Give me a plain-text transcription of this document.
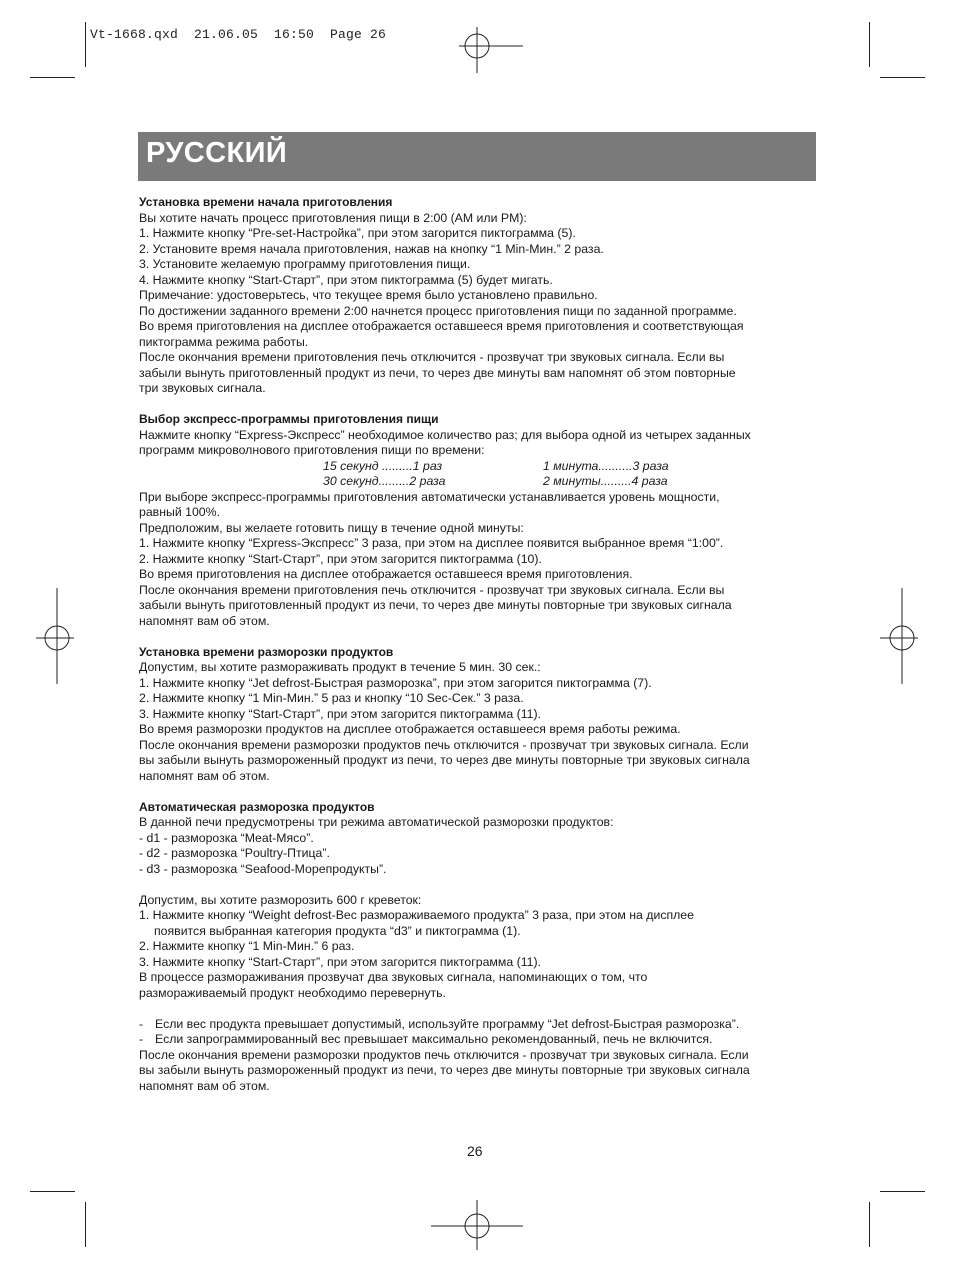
Vt-1668.qxd  21.06.05  16:50  Page 26
РУССКИЙ
Установка времени начала приготовления

Вы хотите начать процесс приготовления пищи в 2:00 (AM или PM):

1. Нажмите кнопку “Pre-set-Настройка”, при этом загорится пиктограмма (5).

2. Установите время начала приготовления, нажав на кнопку “1 Min-Мин.” 2 раза.

3. Установите желаемую программу приготовления пищи.

4. Нажмите кнопку “Start-Старт”, при этом пиктограмма (5) будет мигать.

Примечание: удостоверьтесь, что текущее время было установлено правильно.

По достижении заданного времени 2:00 начнется процесс приготовления пищи по заданной программе.

Во время приготовления на дисплее отображается оставшееся время приготовления и соответствующая

пиктограмма режима работы.

После окончания времени приготовления печь отключится - прозвучат три звуковых сигнала. Если вы

забыли вынуть приготовленный продукт из печи, то через две минуты вам напомнят об этом повторные

три звуковых сигнала.

Выбор экспресс-программы приготовления пищи

Нажмите кнопку “Express-Экспресс” необходимое количество раз; для выбора одной из четырех заданных

программ микроволнового приготовления пищи по времени:

15 секунд .........1 раз	1 минута..........3 раза
30 секунд.........2 раза	2 минуты.........4 раза

При выборе экспресс-программы приготовления автоматически устанавливается уровень мощности,

равный 100%.

Предположим, вы желаете готовить пищу в течение одной минуты:

1. Нажмите кнопку “Express-Экспресс” 3 раза, при этом на дисплее появится выбранное время “1:00”.

2. Нажмите кнопку “Start-Старт”, при этом загорится пиктограмма (10).

Во время приготовления на дисплее отображается оставшееся время приготовления.

После окончания времени приготовления печь отключится - прозвучат три звуковых сигнала. Если вы

забыли вынуть приготовленный продукт из печи, то через две минуты повторные три звуковых сигнала

напомнят вам об этом.

Установка времени разморозки продуктов

Допустим, вы хотите размораживать продукт в течение 5 мин. 30 сек.:

1. Нажмите кнопку “Jet defrost-Быстрая разморозка”, при этом загорится пиктограмма (7).

2. Нажмите кнопку “1 Min-Мин.” 5 раз и кнопку “10 Sec-Сек.” 3 раза.

3. Нажмите кнопку “Start-Старт”, при этом загорится пиктограмма (11).

Во время разморозки продуктов на дисплее отображается оставшееся время работы режима.

После окончания времени разморозки продуктов печь отключится - прозвучат три звуковых сигнала. Если

вы забыли вынуть размороженный продукт из печи, то через две минуты повторные три звуковых сигнала

напомнят вам об этом.

Автоматическая разморозка продуктов

В данной печи предусмотрены три режима автоматической разморозки продуктов:

- d1 - разморозка “Meat-Мясо”.

- d2 - разморозка “Poultry-Птица”.

- d3 - разморозка “Seafood-Морепродукты”.

Допустим, вы хотите разморозить 600 г креветок:

1. Нажмите кнопку “Weight defrost-Вес размораживаемого продукта” 3 раза, при этом на дисплее

появится выбранная категория продукта “d3” и пиктограмма (1).

2. Нажмите кнопку “1 Min-Мин.” 6 раз.

3. Нажмите кнопку “Start-Старт”, при этом загорится пиктограмма (11).

В процессе размораживания прозвучат два звуковых сигнала, напоминающих о том, что

размораживаемый продукт необходимо перевернуть.

- Если вес продукта превышает допустимый, используйте программу “Jet defrost-Быстрая разморозка”.

- Если запрограммированный вес превышает максимально рекомендованный, печь не включится.

После окончания времени разморозки продуктов печь отключится - прозвучат три звуковых сигнала. Если

вы забыли вынуть размороженный продукт из печи, то через две минуты повторные три звуковых сигнала

напомнят вам об этом.

26
